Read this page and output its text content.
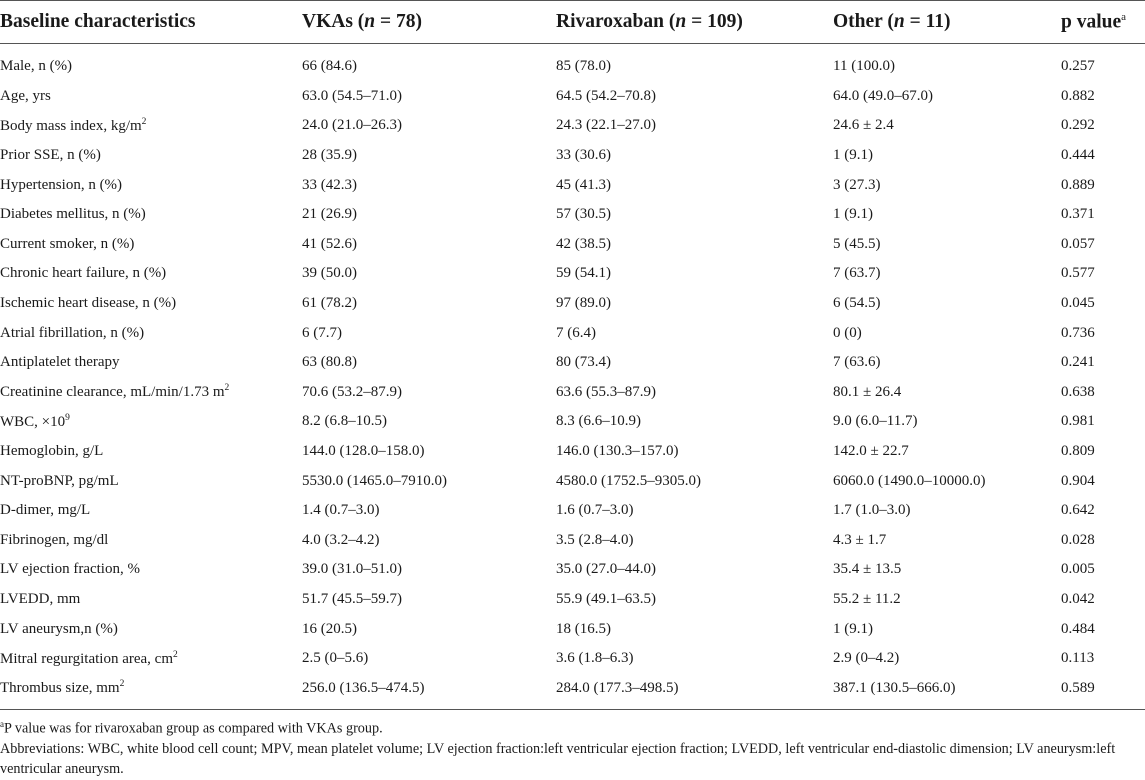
Baseline characteristics	VKAs (n = 78)	Rivaroxaban (n = 109)	Other (n = 11)	p value$^a$
Male, n (%)	66 (84.6)	85 (78.0)	11 (100.0)	0.257
Age, yrs	63.0 (54.5–71.0)	64.5 (54.2–70.8)	64.0 (49.0–67.0)	0.882
Body mass index, $kg/m^2$	24.0 (21.0–26.3)	24.3 (22.1–27.0)	24.6 ± 2.4	0.292
Prior SSE, n (%)	28 (35.9)	33 (30.6)	1 (9.1)	0.444
Hypertension, n (%)	33 (42.3)	45 (41.3)	3 (27.3)	0.889
Diabetes mellitus, n (%)	21 (26.9)	57 (30.5)	1 (9.1)	0.371
Current smoker, n (%)	41 (52.6)	42 (38.5)	5 (45.5)	0.057
Chronic heart failure, n (%)	39 (50.0)	59 (54.1)	7 (63.7)	0.577
Ischemic heart disease, n (%)	61 (78.2)	97 (89.0)	6 (54.5)	0.045
Atrial fibrillation, n (%)	6 (7.7)	7 (6.4)	0 (0)	0.736
Antiplatelet therapy	63 (80.8)	80 (73.4)	7 (63.6)	0.241
Creatinine clearance, mL/min/1.73 $m^2$	70.6 (53.2–87.9)	63.6 (55.3–87.9)	80.1 ± 26.4	0.638
WBC, $\times 10^9$	8.2 (6.8–10.5)	8.3 (6.6–10.9)	9.0 (6.0–11.7)	0.981
Hemoglobin, g/L	144.0 (128.0–158.0)	146.0 (130.3–157.0)	142.0 ± 22.7	0.809
NT-proBNP, pg/mL	5530.0 (1465.0–7910.0)	4580.0 (1752.5–9305.0)	6060.0 (1490.0–10000.0)	0.904
D-dimer, mg/L	1.4 (0.7–3.0)	1.6 (0.7–3.0)	1.7 (1.0–3.0)	0.642
Fibrinogen, mg/dl	4.0 (3.2–4.2)	3.5 (2.8–4.0)	4.3 ± 1.7	0.028
LV ejection fraction, %	39.0 (31.0–51.0)	35.0 (27.0–44.0)	35.4 ± 13.5	0.005
LVEDD, mm	51.7 (45.5–59.7)	55.9 (49.1–63.5)	55.2 ± 11.2	0.042
LV aneurysm,n (%)	16 (20.5)	18 (16.5)	1 (9.1)	0.484
Mitral regurgitation area, $cm^2$	2.5 (0–5.6)	3.6 (1.8–6.3)	2.9 (0–4.2)	0.113
Thrombus size, $mm^2$	256.0 (136.5–474.5)	284.0 (177.3–498.5)	387.1 (130.5–666.0)	0.589

$^a$P value was for rivaroxaban group as compared with VKAs group.

Abbreviations: WBC, white blood cell count; MPV, mean platelet volume; LV ejection fraction:left ventricular ejection fraction; LVEDD, left ventricular end-diastolic dimension; LV aneurysm:left ventricular aneurysm.
